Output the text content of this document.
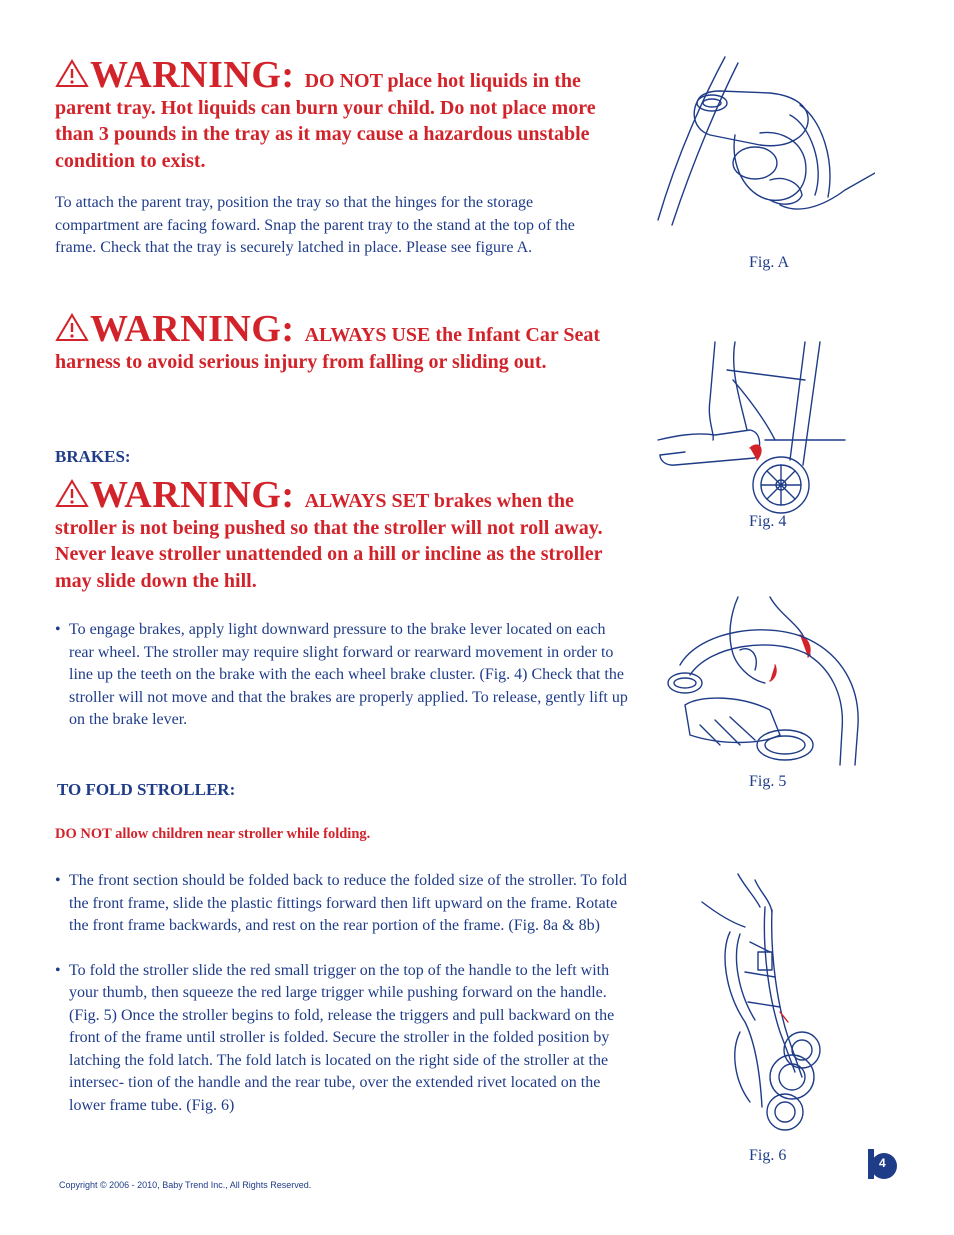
WARNING: DO NOT place hot liquids in the parent tray. Hot liquids can burn your child. Do not place more than 3 pounds in the tray as it may cause a hazardous unstable condition to exist.
To attach the parent tray, position the tray so that the hinges for the storage compartment are facing foward. Snap the parent tray to the stand at the top of the frame. Check that the tray is securely latched in place. Please see figure A.
WARNING: ALWAYS USE the Infant Car Seat harness to avoid serious injury from falling or sliding out.
BRAKES:
WARNING: ALWAYS SET brakes when the stroller is not being pushed so that the stroller will not roll away. Never leave stroller unattended on a hill or incline as the stroller may slide down the hill.
• To engage brakes, apply light downward pressure to the brake lever located on each rear wheel. The stroller may require slight forward or rearward movement in order to line up the teeth on the brake with the each wheel brake cluster. (Fig. 4) Check that the stroller will not move and that the brakes are properly applied. To release, gently lift up on the brake lever.
TO FOLD STROLLER:
DO NOT allow children near stroller while folding.
• The front section should be folded back to reduce the folded size of the stroller. To fold the front frame, slide the plastic fittings forward then lift upward on the frame. Rotate the front frame backwards, and rest on the rear portion of the frame. (Fig. 8a & 8b)
• To fold the stroller slide the red small trigger on the top of the handle to the left with your thumb, then squeeze the red large trigger while pushing forward on the handle. (Fig. 5) Once the stroller begins to fold, release the triggers and pull backward on the front of the frame until stroller is folded. Secure the stroller in the folded position by latching the fold latch. The fold latch is located on the right side of the stroller at the intersec- tion of the handle and the rear tube, over the extended rivet located on the lower frame tube. (Fig. 6)
Copyright © 2006 - 2010, Baby Trend Inc., All Rights Reserved.
Fig. A
Fig. 4
Fig. 5
Fig. 6	4
